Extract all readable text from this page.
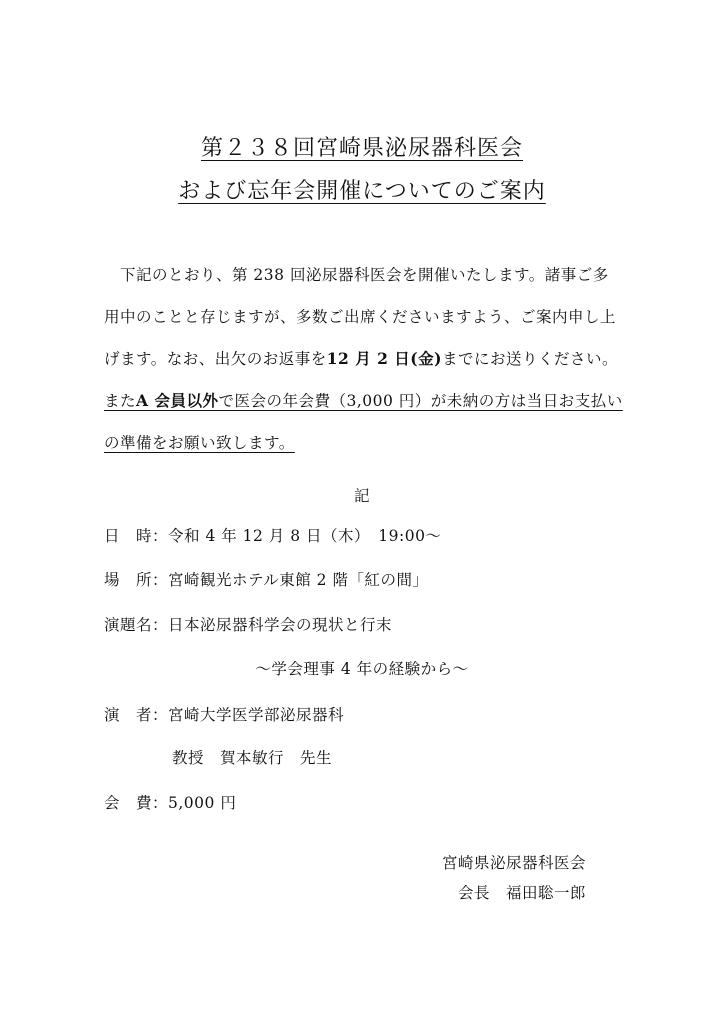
第２３８回宮崎県泌尿器科医会
および忘年会開催についてのご案内
　下記のとおり、第 238 回泌尿器科医会を開催いたします。諸事ご多用中のことと存じますが、多数ご出席くださいますよう、ご案内申し上げます。なお、出欠のお返事を12 月 2 日(金)までにお送りください。またA 会員以外で医会の年会費（3,000 円）が未納の方は当日お支払いの準備をお願い致します。
記
日　時：令和 4 年 12 月 8 日（木）　19:00～
場　所：宮崎観光ホテル東館 2 階「紅の間」
演題名：日本泌尿器科学会の現状と行末
～学会理事 4 年の経験から～
演　者：宮崎大学医学部泌尿器科
教授　賀本敏行　先生
会　費：5,000 円
宮崎県泌尿器科医会
会長　福田聡一郎
